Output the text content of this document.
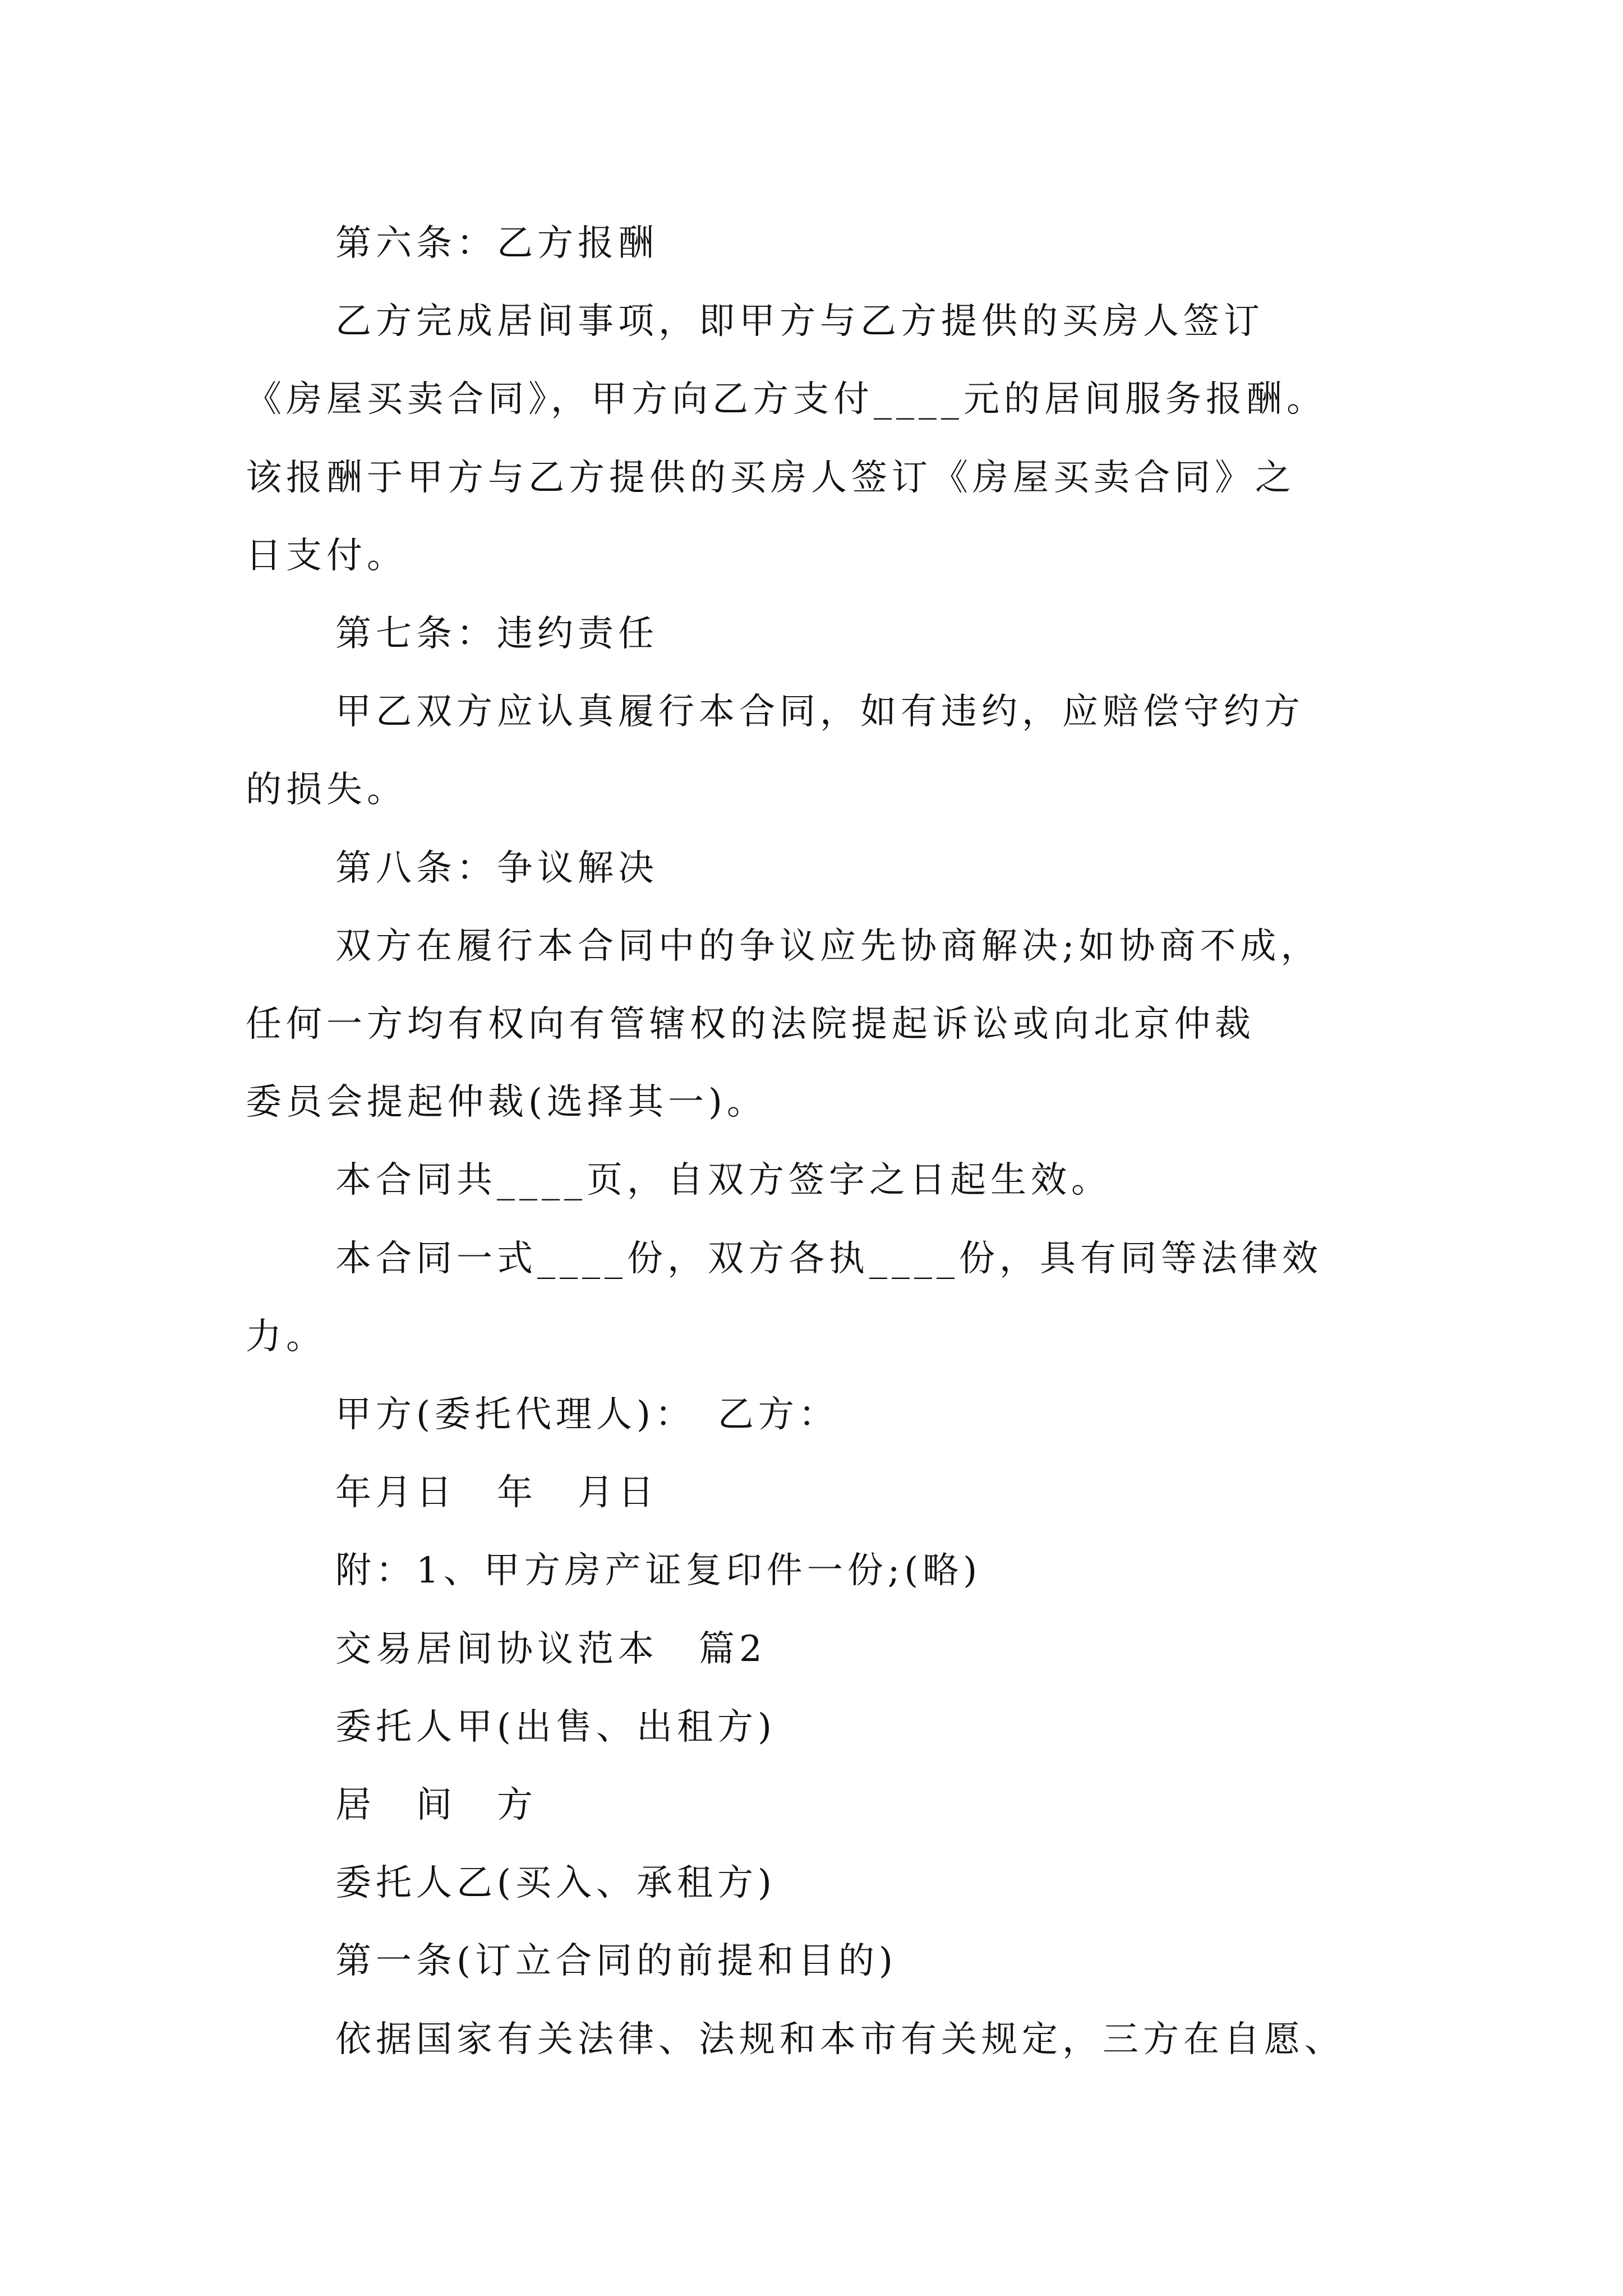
第六条：乙方报酬
乙方完成居间事项，即甲方与乙方提供的买房人签订
《房屋买卖合同》，甲方向乙方支付____元的居间服务报酬。
该报酬于甲方与乙方提供的买房人签订《房屋买卖合同》之
日支付。
第七条：违约责任
甲乙双方应认真履行本合同，如有违约，应赔偿守约方
的损失。
第八条：争议解决
双方在履行本合同中的争议应先协商解决;如协商不成，
任何一方均有权向有管辖权的法院提起诉讼或向北京仲裁
委员会提起仲裁(选择其一)。
本合同共____页，自双方签字之日起生效。
本合同一式____份，双方各执____份，具有同等法律效
力。
甲方(委托代理人)：　乙方：
年月日　年　月日
附：1、甲方房产证复印件一份;(略)
交易居间协议范本　篇2
委托人甲(出售、出租方)
居　间　方
委托人乙(买入、承租方)
第一条(订立合同的前提和目的)
依据国家有关法律、法规和本市有关规定，三方在自愿、
